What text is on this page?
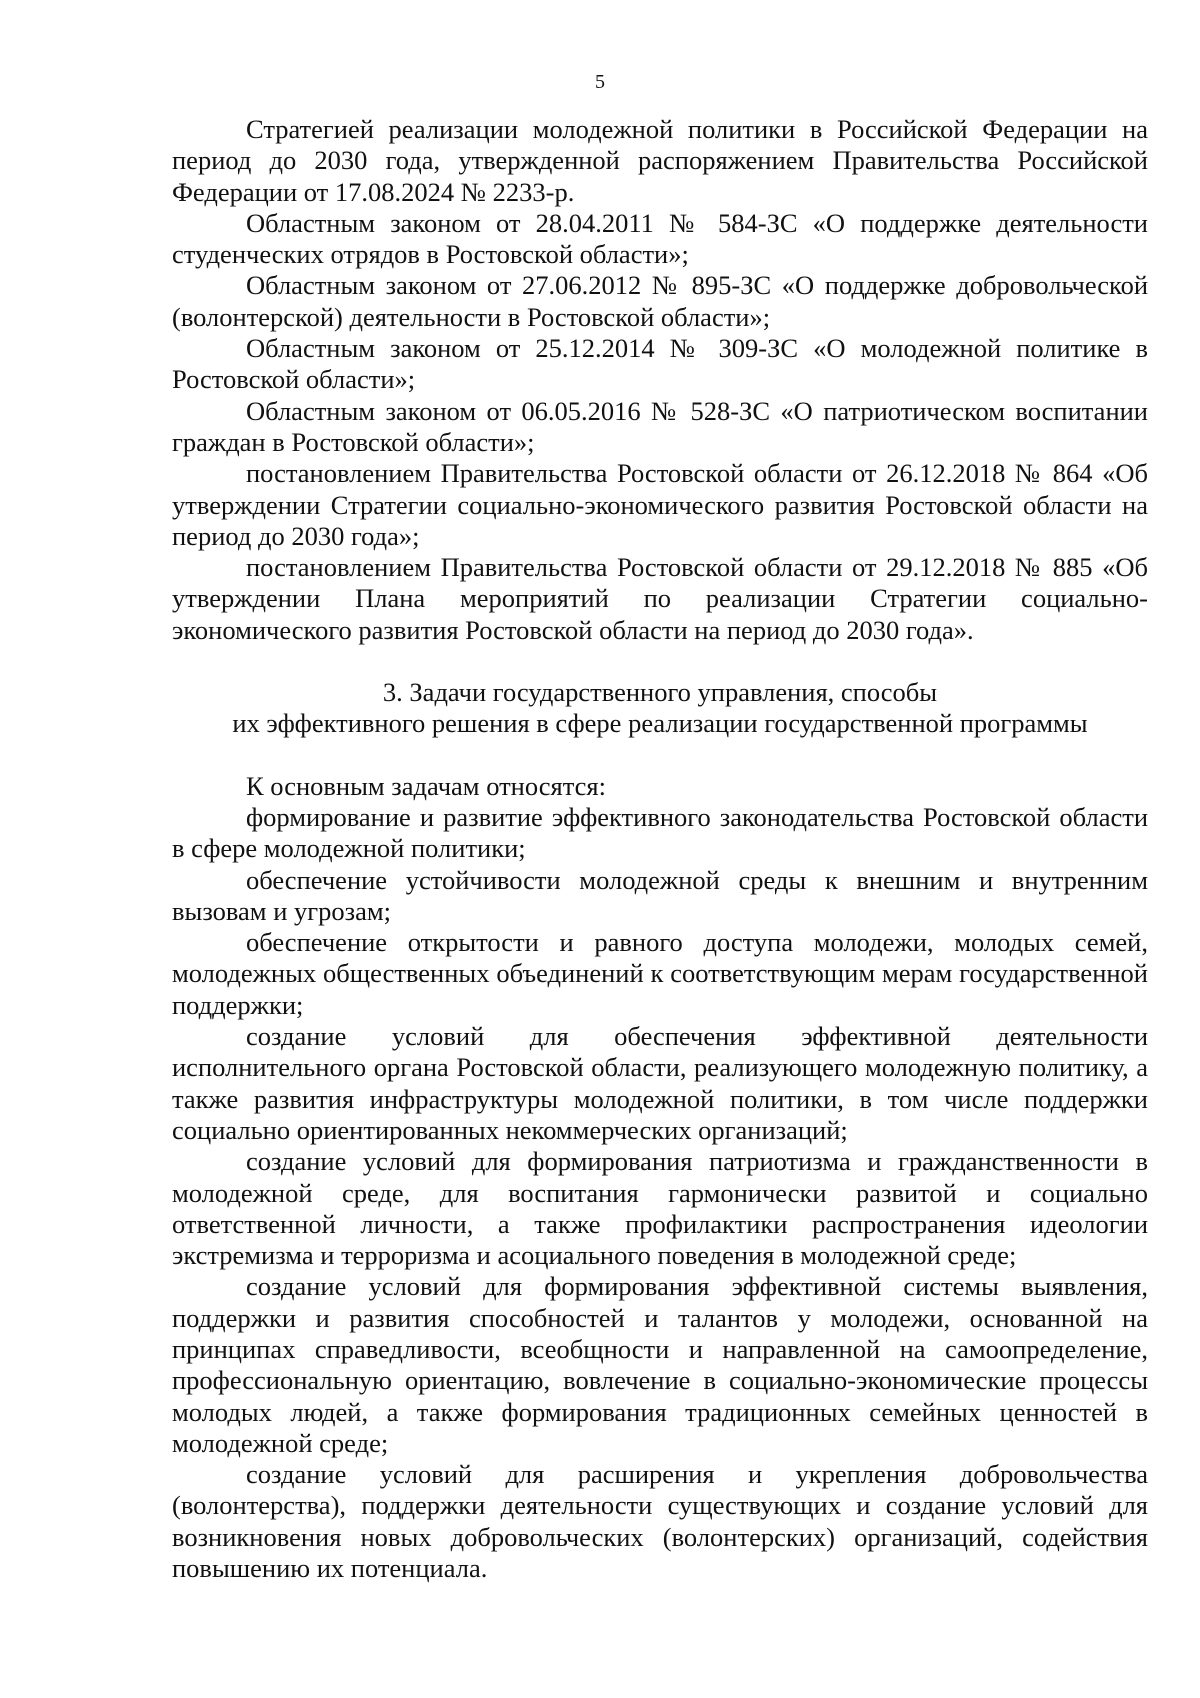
5

Стратегией реализации молодежной политики в Российской Федерации на период до 2030 года, утвержденной распоряжением Правительства Российской Федерации от 17.08.2024 № 2233-р.

Областным законом от 28.04.2011 № 584-ЗС «О поддержке деятельности студенческих отрядов в Ростовской области»;

Областным законом от 27.06.2012 № 895-ЗС «О поддержке добровольческой (волонтерской) деятельности в Ростовской области»;

Областным законом от 25.12.2014 № 309-ЗС «О молодежной политике в Ростовской области»;

Областным законом от 06.05.2016 № 528-ЗС «О патриотическом воспитании граждан в Ростовской области»;

постановлением Правительства Ростовской области от 26.12.2018 № 864 «Об утверждении Стратегии социально-экономического развития Ростовской области на период до 2030 года»;

постановлением Правительства Ростовской области от 29.12.2018 № 885 «Об утверждении Плана мероприятий по реализации Стратегии социально-экономического развития Ростовской области на период до 2030 года».

3. Задачи государственного управления, способы

их эффективного решения в сфере реализации государственной программы

К основным задачам относятся:

формирование и развитие эффективного законодательства Ростовской области в сфере молодежной политики;

обеспечение устойчивости молодежной среды к внешним и внутренним вызовам и угрозам;

обеспечение открытости и равного доступа молодежи, молодых семей, молодежных общественных объединений к соответствующим мерам государственной поддержки;

создание условий для обеспечения эффективной деятельности исполнительного органа Ростовской области, реализующего молодежную политику, а также развития инфраструктуры молодежной политики, в том числе поддержки социально ориентированных некоммерческих организаций;

создание условий для формирования патриотизма и гражданственности в молодежной среде, для воспитания гармонически развитой и социально ответственной личности, а также профилактики распространения идеологии экстремизма и терроризма и асоциального поведения в молодежной среде;

создание условий для формирования эффективной системы выявления, поддержки и развития способностей и талантов у молодежи, основанной на принципах справедливости, всеобщности и направленной на самоопределение, профессиональную ориентацию, вовлечение в социально-экономические процессы молодых людей, а также формирования традиционных семейных ценностей в молодежной среде;

создание условий для расширения и укрепления добровольчества (волонтерства), поддержки деятельности существующих и создание условий для возникновения новых добровольческих (волонтерских) организаций, содействия повышению их потенциала.
